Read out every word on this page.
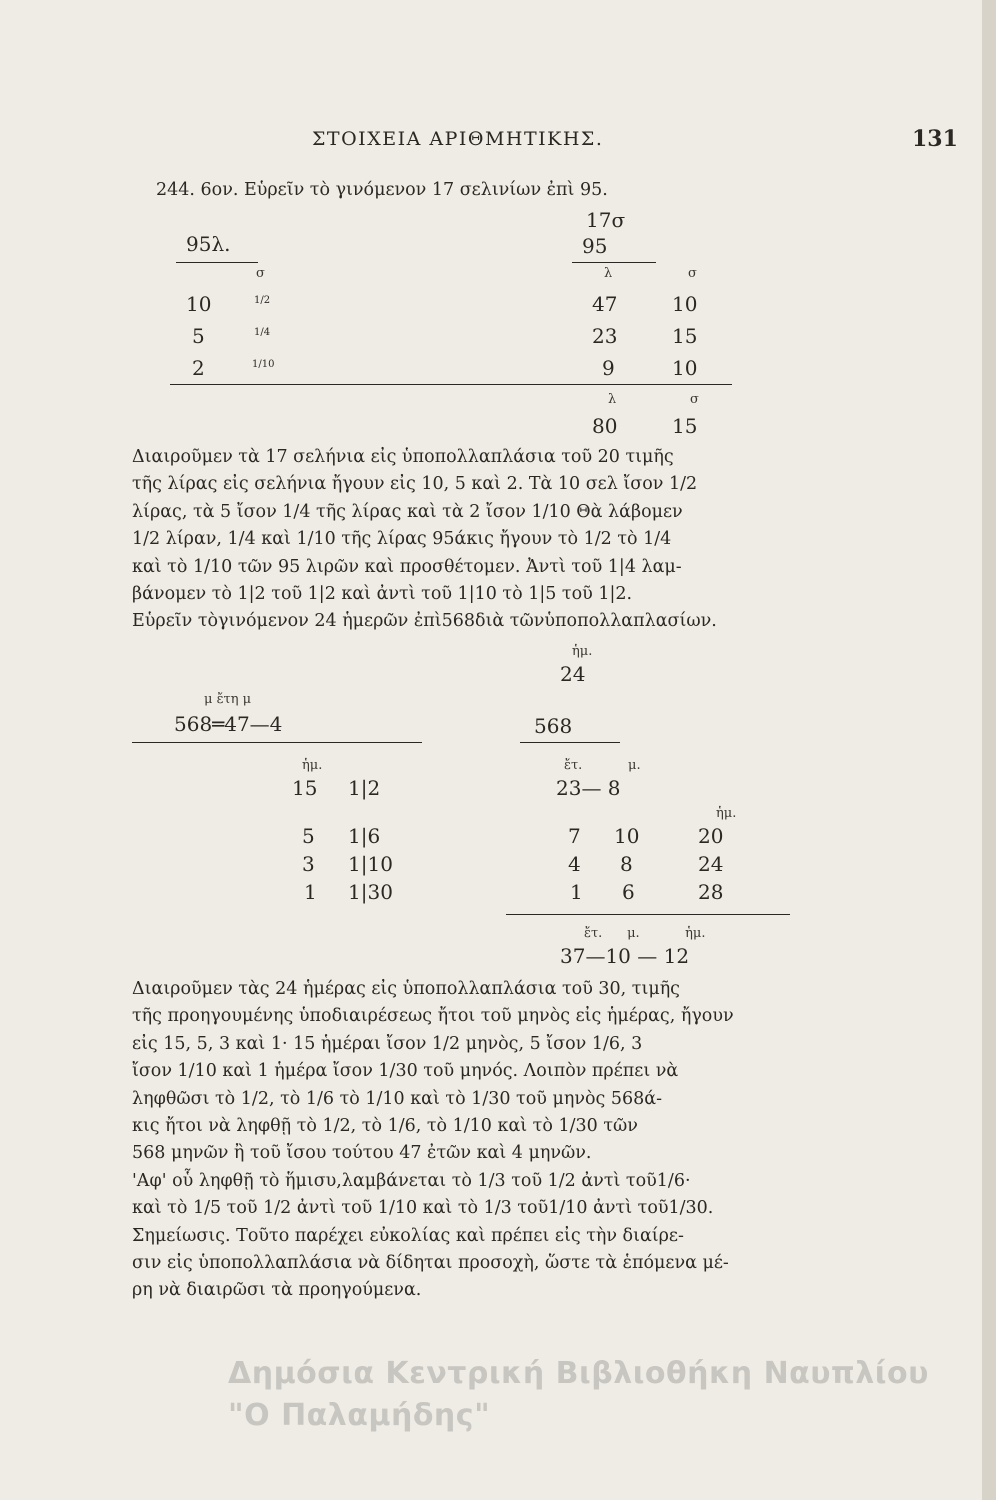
ΣΤΟΙΧΕΙΑ ΑΡΙΘΜΗΤΙΚΗΣ.	131
244. 6ον. Εὑρεῖν τὸ γινόμενον 17 σελινίων ἐπὶ 95.
95λ.
σ
10	1/2
5	1/4
2	1/10
17σ
95
λ	σ
47	10
23	15
9	10
λ	σ
80	15
Διαιροῦμεν τὰ 17 σελήνια εἰς ὑποπολλαπλάσια τοῦ 20 τιμῆς
τῆς λίρας εἰς σελήνια ἤγουν εἰς 10, 5 καὶ 2. Τὰ 10 σελ ἴσον 1/2
λίρας, τὰ 5 ἴσον 1/4 τῆς λίρας καὶ τὰ 2 ἴσον 1/10 Θὰ λάβομεν
1/2 λίραν, 1/4 καὶ 1/10 τῆς λίρας 95άκις ἤγουν τὸ 1/2 τὸ 1/4
καὶ τὸ 1/10 τῶν 95 λιρῶν καὶ προσθέτομεν. Ἀντὶ τοῦ 1|4 λαμ-
βάνομεν τὸ 1|2 τοῦ 1|2 καὶ ἀντὶ τοῦ 1|10 τὸ 1|5 τοῦ 1|2.
Εὑρεῖν τὸγινόμενον 24 ἡμερῶν ἐπὶ568διὰ τῶνὑποπολλαπλασίων.
μ ἔτη μ
568═47—4
ἡμ.
15 1|2
5 1|6
3 1|10
1 1|30
ἡμ.
24
568
ἔτ.	μ.
23— 8
ἡμ.
7 10	20
4 8	24
1 6	28
ἔτ.      μ.           ἡμ.
37—10 — 12
Διαιροῦμεν τὰς 24 ἡμέρας εἰς ὑποπολλαπλάσια τοῦ 30, τιμῆς
τῆς προηγουμένης ὑποδιαιρέσεως ἤτοι τοῦ μηνὸς εἰς ἡμέρας, ἤγουν
εἰς 15, 5, 3 καὶ 1· 15 ἡμέραι ἴσον 1/2 μηνὸς, 5 ἴσον 1/6, 3
ἴσον 1/10 καὶ 1 ἡμέρα ἴσον 1/30 τοῦ μηνός. Λοιπὸν πρέπει νὰ
ληφθῶσι τὸ 1/2, τὸ 1/6 τὸ 1/10 καὶ τὸ 1/30 τοῦ μηνὸς 568ά-
κις ἤτοι νὰ ληφθῇ τὸ 1/2, τὸ 1/6, τὸ 1/10 καὶ τὸ 1/30 τῶν
568 μηνῶν ἢ τοῦ ἴσου τούτου 47 ἐτῶν καὶ 4 μηνῶν.
'Αφ' οὗ ληφθῇ τὸ ἥμισυ,λαμβάνεται τὸ 1/3 τοῦ 1/2 ἀντὶ τοῦ1/6·
καὶ τὸ 1/5 τοῦ 1/2 ἀντὶ τοῦ 1/10 καὶ τὸ 1/3 τοῦ1/10 ἀντὶ τοῦ1/30.
Σημείωσις. Τοῦτο παρέχει εὐκολίας καὶ πρέπει εἰς τὴν διαίρε-
σιν εἰς ὑποπολλαπλάσια νὰ δίδηται προσοχὴ, ὥστε τὰ ἑπόμενα μέ-
ρη νὰ διαιρῶσι τὰ προηγούμενα.
Δημόσια Κεντρική Βιβλιοθήκη Ναυπλίου
"Ο Παλαμήδης"
